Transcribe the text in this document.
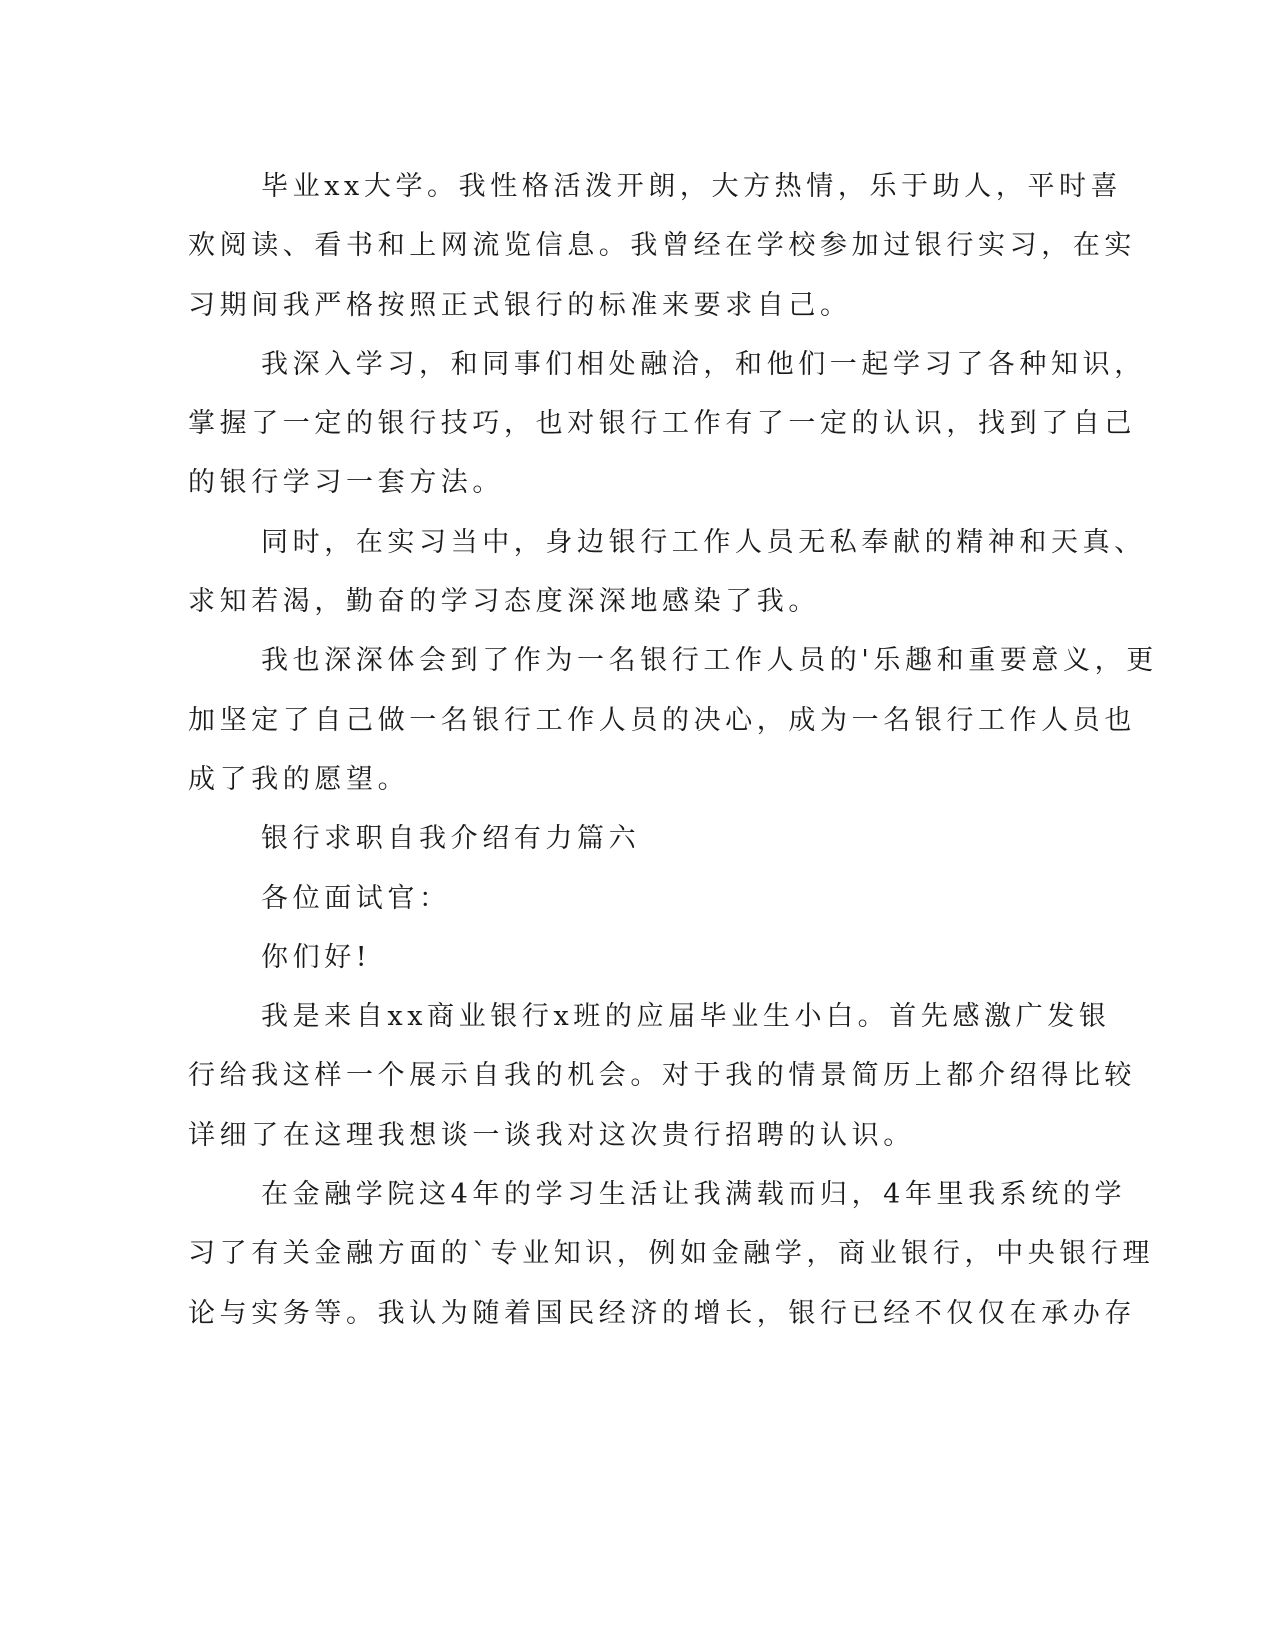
毕业xx大学。我性格活泼开朗，大方热情，乐于助人，平时喜
欢阅读、看书和上网流览信息。我曾经在学校参加过银行实习，在实
习期间我严格按照正式银行的标准来要求自己。
我深入学习，和同事们相处融洽，和他们一起学习了各种知识，
掌握了一定的银行技巧，也对银行工作有了一定的认识，找到了自己
的银行学习一套方法。
同时，在实习当中，身边银行工作人员无私奉献的精神和天真、
求知若渴，勤奋的学习态度深深地感染了我。
我也深深体会到了作为一名银行工作人员的'乐趣和重要意义，更
加坚定了自己做一名银行工作人员的决心，成为一名银行工作人员也
成了我的愿望。
银行求职自我介绍有力篇六
各位面试官：
你们好!
我是来自xx商业银行x班的应届毕业生小白。首先感激广发银
行给我这样一个展示自我的机会。对于我的情景简历上都介绍得比较
详细了在这理我想谈一谈我对这次贵行招聘的认识。
在金融学院这4年的学习生活让我满载而归，4年里我系统的学
习了有关金融方面的`专业知识，例如金融学，商业银行，中央银行理
论与实务等。我认为随着国民经济的增长，银行已经不仅仅在承办存
